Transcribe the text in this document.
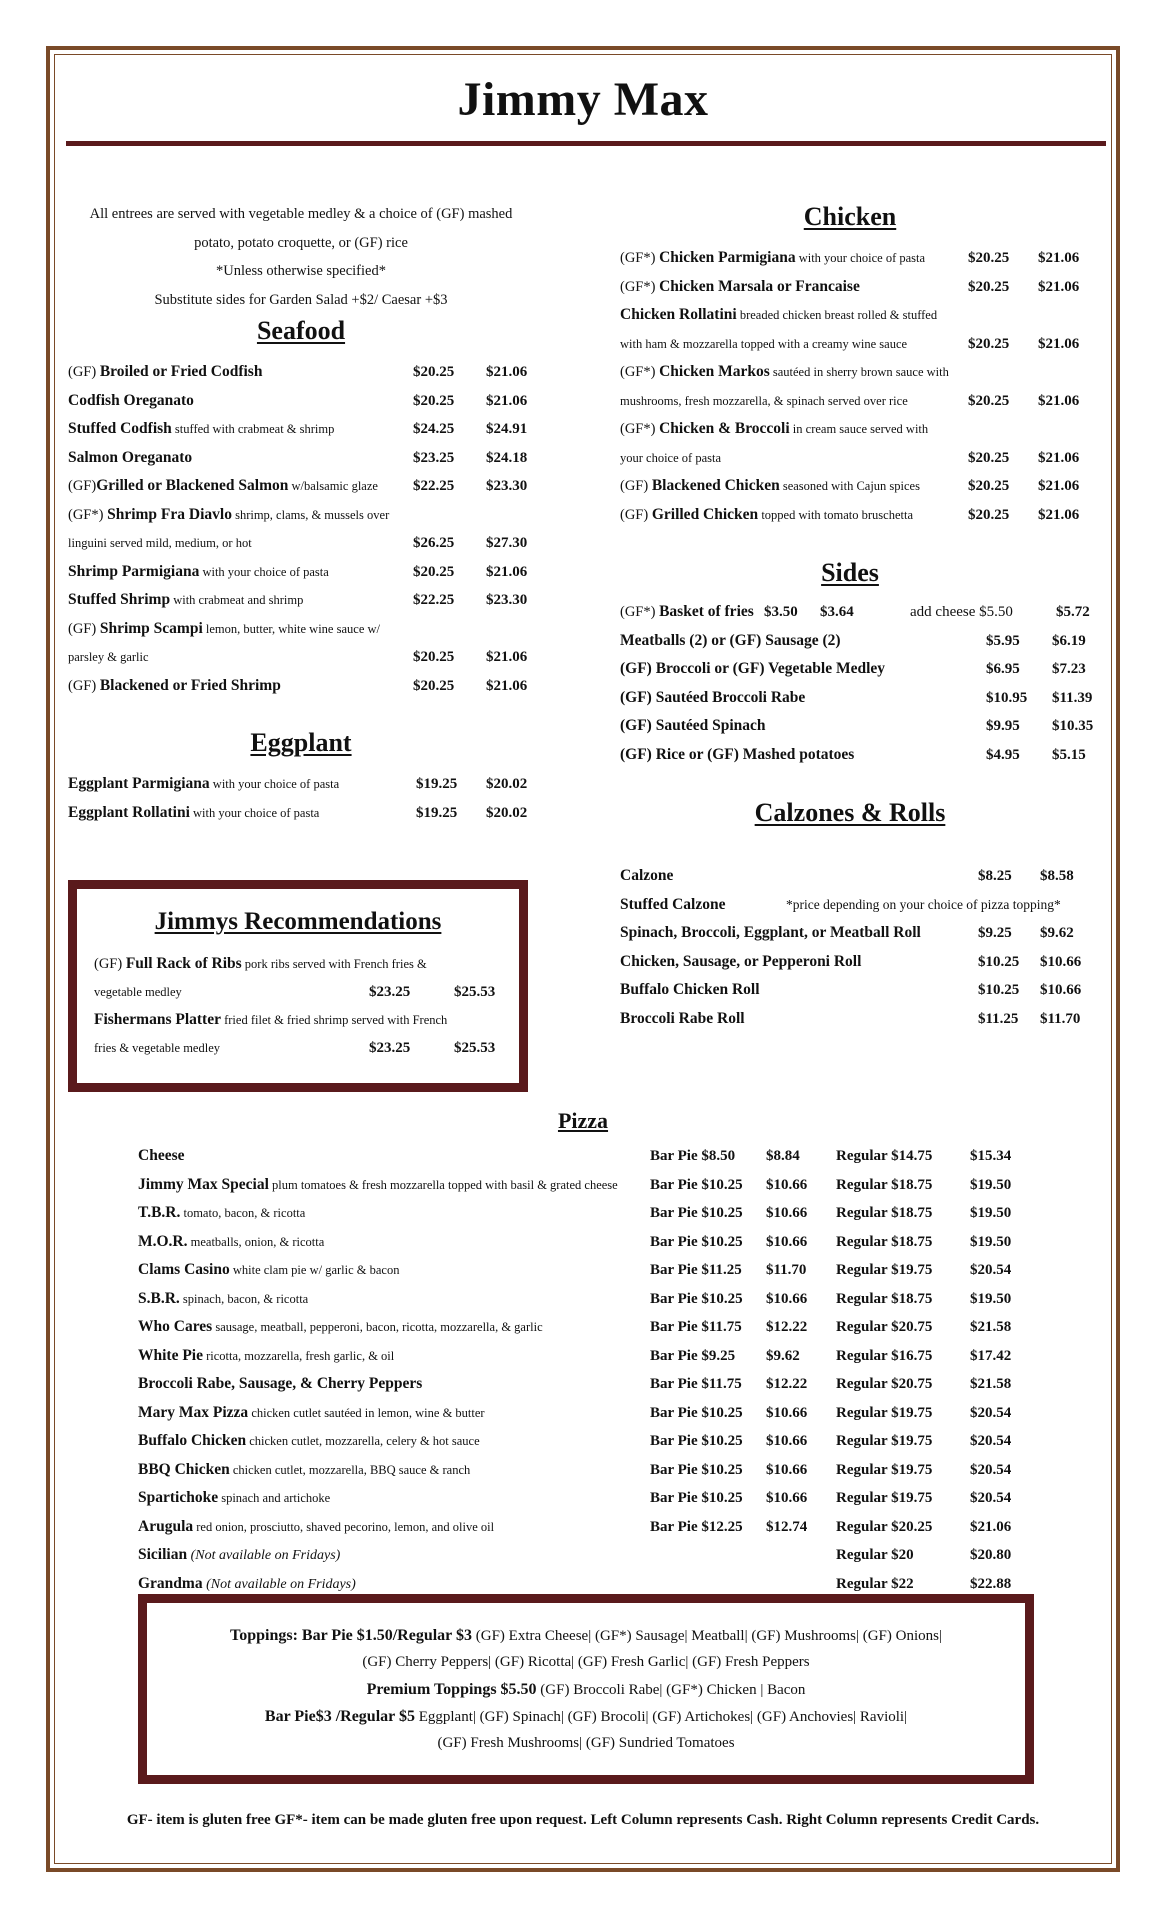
Jimmy Max
All entrees are served with vegetable medley & a choice of (GF) mashed
potato, potato croquette, or (GF) rice
*Unless otherwise specified*
Substitute sides for Garden Salad +$2/ Caesar +$3
Seafood
Eggplant
Chicken
Sides
Calzones & Rolls
(GF) Broiled or Fried Codfish	$20.25 $21.06
Codfish Oreganato	$20.25 $21.06
Stuffed Codfish stuffed with crabmeat & shrimp	$24.25 $24.91
Salmon Oreganato	$23.25 $24.18
(GF)Grilled or Blackened Salmon w/balsamic glaze $22.25 $23.30
(GF*) Shrimp Fra Diavlo shrimp, clams, & mussels over
linguini served mild, medium, or hot	$26.25 $27.30
Shrimp Parmigiana with your choice of pasta	$20.25 $21.06
Stuffed Shrimp with crabmeat and shrimp	$22.25 $23.30
(GF) Shrimp Scampi lemon, butter, white wine sauce w/
parsley & garlic	$20.25 $21.06
(GF) Blackened or Fried Shrimp	$20.25 $21.06
Eggplant Parmigiana with your choice of pasta	$19.25 $20.02
Eggplant Rollatini with your choice of pasta	$19.25 $20.02
Jimmys Recommendations
(GF) Full Rack of Ribs pork ribs served with French fries &
vegetable medley	$23.25	$25.53
Fishermans Platter fried filet & fried shrimp served with French
fries & vegetable medley	$23.25	$25.53
(GF*) Chicken Parmigiana with your choice of pasta	$20.25 $21.06
(GF*) Chicken Marsala or Francaise	$20.25 $21.06
Chicken Rollatini breaded chicken breast rolled & stuffed
with ham & mozzarella topped with a creamy wine sauce	$20.25 $21.06
(GF*) Chicken Markos sautéed in sherry brown sauce with
mushrooms, fresh mozzarella, & spinach served over rice	$20.25 $21.06
(GF*) Chicken & Broccoli in cream sauce served with
your choice of pasta	$20.25 $21.06
(GF) Blackened Chicken seasoned with Cajun spices	$20.25 $21.06
(GF) Grilled Chicken topped with tomato bruschetta	$20.25 $21.06
(GF*) Basket of fries $3.50 $3.64	add cheese $5.50	$5.72
Meatballs (2) or (GF) Sausage (2)	$5.95 $6.19
(GF) Broccoli or (GF) Vegetable Medley	$6.95 $7.23
(GF) Sautéed Broccoli Rabe	$10.95 $11.39
(GF) Sautéed Spinach	$9.95 $10.35
(GF) Rice or (GF) Mashed potatoes	$4.95 $5.15
Calzone	$8.25 $8.58
Stuffed Calzone	*price depending on your choice of pizza topping*
Spinach, Broccoli, Eggplant, or Meatball Roll	$9.25 $9.62
Chicken, Sausage, or Pepperoni Roll	$10.25 $10.66
Buffalo Chicken Roll	$10.25 $10.66
Broccoli Rabe Roll	$11.25 $11.70
Pizza
Cheese	Bar Pie $8.50 $8.84 Regular $14.75	$15.34
Jimmy Max Special plum tomatoes & fresh mozzarella topped with basil & grated cheese Bar Pie $10.25 $10.66 Regular $18.75	$19.50
T.B.R. tomato, bacon, & ricotta	Bar Pie $10.25 $10.66 Regular $18.75	$19.50
M.O.R. meatballs, onion, & ricotta	Bar Pie $10.25 $10.66 Regular $18.75	$19.50
Clams Casino white clam pie w/ garlic & bacon	Bar Pie $11.25 $11.70 Regular $19.75	$20.54
S.B.R. spinach, bacon, & ricotta	Bar Pie $10.25 $10.66 Regular $18.75	$19.50
Who Cares sausage, meatball, pepperoni, bacon, ricotta, mozzarella, & garlic	Bar Pie $11.75 $12.22 Regular $20.75	$21.58
White Pie ricotta, mozzarella, fresh garlic, & oil	Bar Pie $9.25 $9.62 Regular $16.75	$17.42
Broccoli Rabe, Sausage, & Cherry Peppers	Bar Pie $11.75 $12.22 Regular $20.75	$21.58
Mary Max Pizza chicken cutlet sautéed in lemon, wine & butter	Bar Pie $10.25 $10.66 Regular $19.75	$20.54
Buffalo Chicken chicken cutlet, mozzarella, celery & hot sauce	Bar Pie $10.25 $10.66 Regular $19.75	$20.54
BBQ Chicken chicken cutlet, mozzarella, BBQ sauce & ranch	Bar Pie $10.25 $10.66 Regular $19.75	$20.54
Spartichoke spinach and artichoke	Bar Pie $10.25 $10.66 Regular $19.75	$20.54
Arugula red onion, prosciutto, shaved pecorino, lemon, and olive oil	Bar Pie $12.25 $12.74 Regular $20.25	$21.06
Sicilian (Not available on Fridays)	Regular $20	$20.80
Grandma (Not available on Fridays)	Regular $22	$22.88
Toppings: Bar Pie $1.50/Regular $3 (GF) Extra Cheese| (GF*) Sausage| Meatball| (GF) Mushrooms| (GF) Onions|
(GF) Cherry Peppers| (GF) Ricotta| (GF) Fresh Garlic| (GF) Fresh Peppers
Premium Toppings $5.50 (GF) Broccoli Rabe| (GF*) Chicken | Bacon
Bar Pie$3 /Regular $5 Eggplant| (GF) Spinach| (GF) Brocoli| (GF) Artichokes| (GF) Anchovies| Ravioli|
(GF) Fresh Mushrooms| (GF) Sundried Tomatoes
GF- item is gluten free GF*- item can be made gluten free upon request. Left Column represents Cash. Right Column represents Credit Cards.
